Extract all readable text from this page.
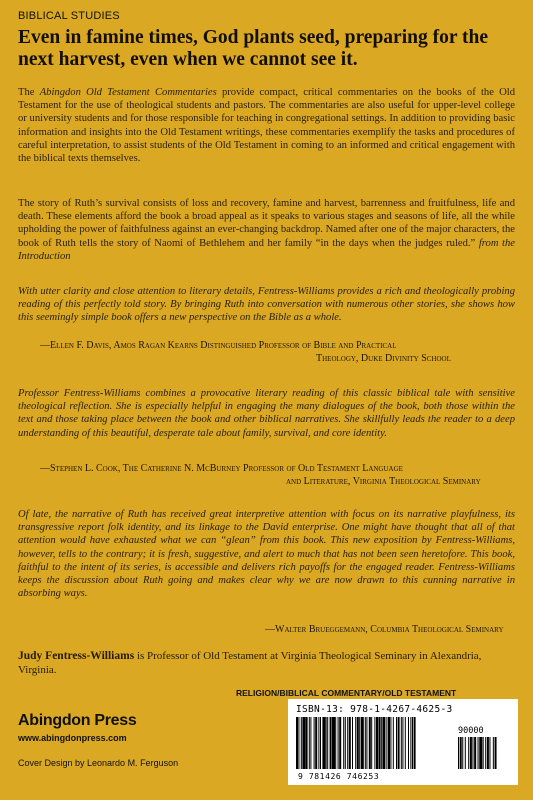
BIBLICAL STUDIES
Even in famine times, God plants seed, preparing for the next harvest, even when we cannot see it.
The Abingdon Old Testament Commentaries provide compact, critical commentaries on the books of the Old Testament for the use of theological students and pastors. The commentaries are also useful for upper-level college or university students and for those responsible for teaching in congregational settings. In addition to providing basic information and insights into the Old Testament writings, these commentaries exemplify the tasks and procedures of careful interpretation, to assist students of the Old Testament in coming to an informed and critical engagement with the biblical texts themselves.
The story of Ruth’s survival consists of loss and recovery, famine and harvest, barrenness and fruitfulness, life and death. These elements afford the book a broad appeal as it speaks to various stages and seasons of life, all the while upholding the power of faithfulness against an ever-changing backdrop. Named after one of the major characters, the book of Ruth tells the story of Naomi of Bethlehem and her family “in the days when the judges ruled.” from the Introduction
With utter clarity and close attention to literary details, Fentress-Williams provides a rich and theologically probing reading of this perfectly told story. By bringing Ruth into conversation with numerous other stories, she shows how this seemingly simple book offers a new perspective on the Bible as a whole.
—Ellen F. Davis, Amos Ragan Kearns Distinguished Professor of Bible and Practical
Theology, Duke Divinity School
Professor Fentress-Williams combines a provocative literary reading of this classic biblical tale with sensitive theological reflection. She is especially helpful in engaging the many dialogues of the book, both those within the text and those taking place between the book and other biblical narratives. She skillfully leads the reader to a deep understanding of this beautiful, desperate tale about family, survival, and core identity.
—Stephen L. Cook, The Catherine N. McBurney Professor of Old Testament Language
and Literature, Virginia Theological Seminary
Of late, the narrative of Ruth has received great interpretive attention with focus on its narrative playfulness, its transgressive report folk identity, and its linkage to the David enterprise. One might have thought that all of that attention would have exhausted what we can “glean” from this book. This new exposition by Fentress-Williams, however, tells to the contrary; it is fresh, suggestive, and alert to much that has not been seen heretofore. This book, faithful to the intent of its series, is accessible and delivers rich payoffs for the engaged reader. Fentress-Williams keeps the discussion about Ruth going and makes clear why we are now drawn to this cunning narrative in absorbing ways.
—Walter Brueggemann, Columbia Theological Seminary
Judy Fentress-Williams is Professor of Old Testament at Virginia Theological Seminary in Alexandria, Virginia.
RELIGION/BIBLICAL COMMENTARY/OLD TESTAMENT
Abingdon Press
www.abingdonpress.com
Cover Design by Leonardo M. Ferguson
ISBN-13: 978-1-4267-4625-3
90000
9 781426 746253
